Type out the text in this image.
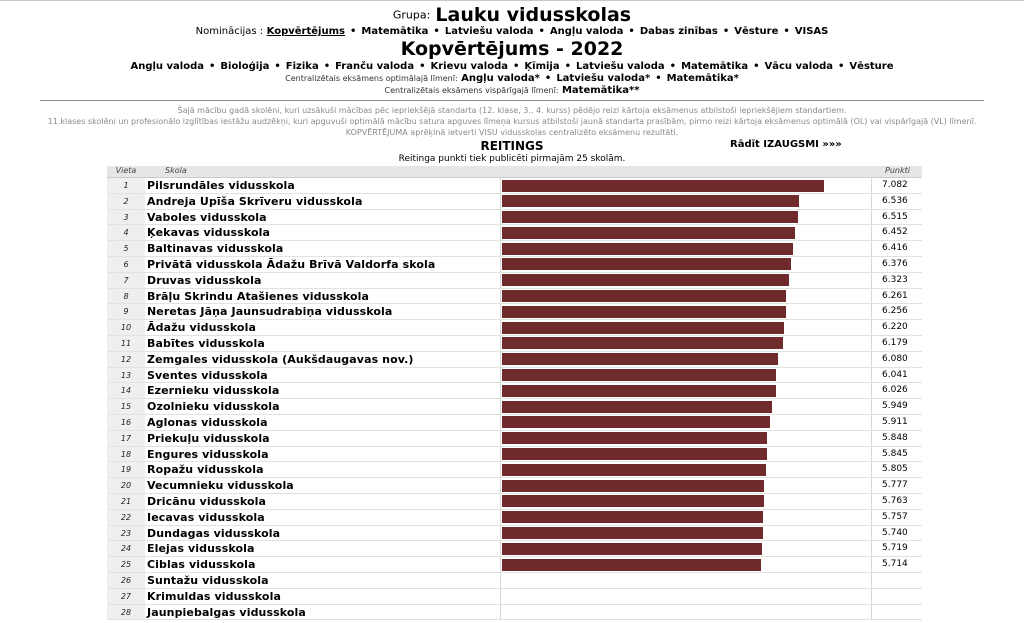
Grupa: Lauku vidusskolas
Nominācijas : Kopvērtējums • Matemātika • Latviešu valoda • Angļu valoda • Dabas zinības • Vēsture • VISAS
Kopvērtējums - 2022
Angļu valoda • Bioloģija • Fizika • Franču valoda • Krievu valoda • Ķīmija • Latviešu valoda • Matemātika • Vācu valoda • Vēsture
Centralizētais eksāmens optimālajā līmenī: Angļu valoda* • Latviešu valoda* • Matemātika*
Centralizētais eksāmens vispārīgajā līmenī: Matemātika**
Šajā mācību gadā skolēni, kuri uzsākuši mācības pēc iepriekšējā standarta (12. klase, 3., 4. kurss) pēdējo reizi kārtoja eksāmenus atbilstoši iepriekšējiem standartiem.
11.klases skolēni un profesionālo izglītības iestāžu audzēkņi, kuri apguvuši optimālā mācību satura apguves līmeņa kursus atbilstoši jaunā standarta prasībām, pirmo reizi kārtoja eksāmenus optimālā (OL) vai vispārīgajā (VL) līmenī.
KOPVĒRTĒJUMA aprēķinā ietverti VISU vidusskolas centralizēto eksāmenu rezultāti.
REITINGS	Rādīt IZAUGSMI »»»
Reitinga punkti tiek publicēti pirmajām 25 skolām.
Vieta	Skola	Punkti
1	Pilsrundāles vidusskola	7.082
2	Andreja Upīša Skrīveru vidusskola	6.536
3	Vaboles vidusskola	6.515
4	Ķekavas vidusskola	6.452
5	Baltinavas vidusskola	6.416
6	Privātā vidusskola Ādažu Brīvā Valdorfa skola	6.376
7	Druvas vidusskola	6.323
8	Brāļu Skrindu Atašienes vidusskola	6.261
9	Neretas Jāņa Jaunsudrabiņa vidusskola	6.256
10	Ādažu vidusskola	6.220
11	Babītes vidusskola	6.179
12	Zemgales vidusskola (Aukšdaugavas nov.)	6.080
13	Sventes vidusskola	6.041
14	Ezernieku vidusskola	6.026
15	Ozolnieku vidusskola	5.949
16	Aglonas vidusskola	5.911
17	Priekuļu vidusskola	5.848
18	Engures vidusskola	5.845
19	Ropažu vidusskola	5.805
20	Vecumnieku vidusskola	5.777
21	Dricānu vidusskola	5.763
22	Iecavas vidusskola	5.757
23	Dundagas vidusskola	5.740
24	Elejas vidusskola	5.719
25	Ciblas vidusskola	5.714
26	Suntažu vidusskola
27	Krimuldas vidusskola
28	Jaunpiebalgas vidusskola
